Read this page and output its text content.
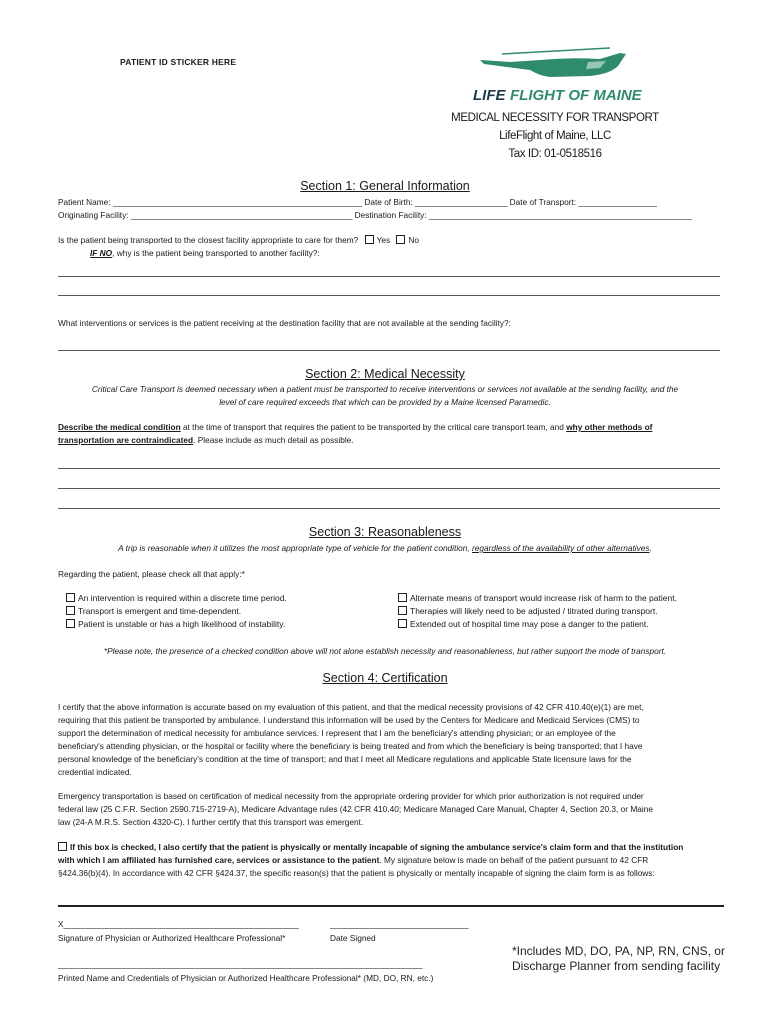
PATIENT ID STICKER HERE
LIFE FLIGHT OF MAINE
MEDICAL NECESSITY FOR TRANSPORT
LifeFlight of Maine, LLC
Tax ID: 01-0518516
Section 1: General Information
Patient Name: ______________________________________________________ Date of Birth: ____________________ Date of Transport: _________________
Originating Facility: ________________________________________________ Destination Facility: _________________________________________________________
Is the patient being transported to the closest facility appropriate to care for them? Yes No
IF NO, why is the patient being transported to another facility?:
What interventions or services is the patient receiving at the destination facility that are not available at the sending facility?:
Section 2: Medical Necessity
Critical Care Transport is deemed necessary when a patient must be transported to receive interventions or services not available at the sending facility, and the
level of care required exceeds that which can be provided by a Maine licensed Paramedic.
Describe the medical condition at the time of transport that requires the patient to be transported by the critical care transport team, and why other methods of
transportation are contraindicated. Please include as much detail as possible.
Section 3: Reasonableness
A trip is reasonable when it utilizes the most appropriate type of vehicle for the patient condition, regardless of the availability of other alternatives.
Regarding the patient, please check all that apply:*
An intervention is required within a discrete time period.
Transport is emergent and time-dependent.
Patient is unstable or has a high likelihood of instability.
Alternate means of transport would increase risk of harm to the patient.
Therapies will likely need to be adjusted / titrated during transport.
Extended out of hospital time may pose a danger to the patient.
*Please note, the presence of a checked condition above will not alone establish necessity and reasonableness, but rather support the mode of transport.
Section 4: Certification
I certify that the above information is accurate based on my evaluation of this patient, and that the medical necessity provisions of 42 CFR 410.40(e)(1) are met,
requiring that this patient be transported by ambulance. I understand this information will be used by the Centers for Medicare and Medicaid Services (CMS) to
support the determination of medical necessity for ambulance services. I represent that I am the beneficiary's attending physician; or an employee of the
beneficiary's attending physician, or the hospital or facility where the beneficiary is being treated and from which the beneficiary is being transported; that I have
personal knowledge of the beneficiary's condition at the time of transport; and that I meet all Medicare regulations and applicable State licensure laws for the
credential indicated.
Emergency transportation is based on certification of medical necessity from the appropriate ordering provider for which prior authorization is not required under
federal law (25 C.F.R. Section 2590.715-2719-A), Medicare Advantage rules (42 CFR 410.40; Medicare Managed Care Manual, Chapter 4, Section 20.3, or Maine
law (24-A M.R.S. Section 4320-C). I further certify that this transport was emergent.
If this box is checked, I also certify that the patient is physically or mentally incapable of signing the ambulance service's claim form and that the institution
with which I am affiliated has furnished care, services or assistance to the patient. My signature below is made on behalf of the patient pursuant to 42 CFR
§424.36(b)(4). In accordance with 42 CFR §424.37, the specific reason(s) that the patient is physically or mentally incapable of signing the claim form is as follows:
X___________________________________________________	______________________________
Signature of Physician or Authorized Healthcare Professional*	Date Signed
_______________________________________________________________________________
Printed Name and Credentials of Physician or Authorized Healthcare Professional* (MD, DO, RN, etc.)
*Includes MD, DO, PA, NP, RN, CNS, or
Discharge Planner from sending facility
